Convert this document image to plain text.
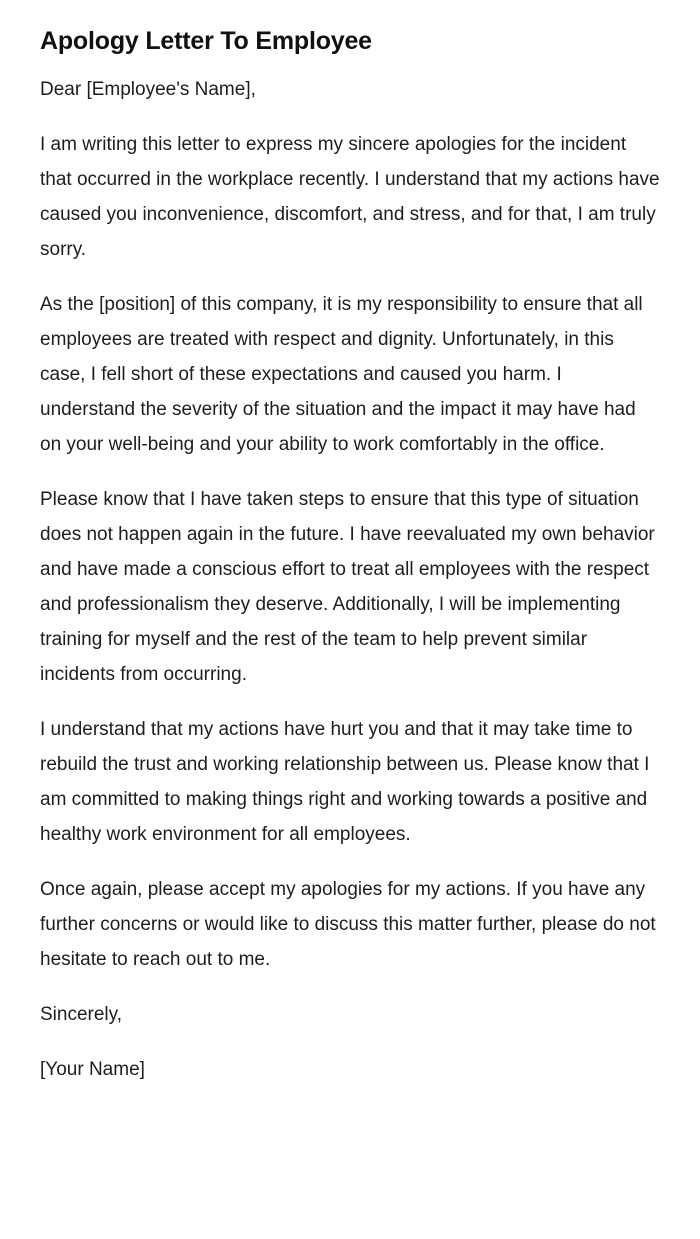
Apology Letter To Employee

Dear [Employee's Name],

I am writing this letter to express my sincere apologies for the incident that occurred in the workplace recently. I understand that my actions have caused you inconvenience, discomfort, and stress, and for that, I am truly sorry.

As the [position] of this company, it is my responsibility to ensure that all employees are treated with respect and dignity. Unfortunately, in this case, I fell short of these expectations and caused you harm. I understand the severity of the situation and the impact it may have had on your well-being and your ability to work comfortably in the office.

Please know that I have taken steps to ensure that this type of situation does not happen again in the future. I have reevaluated my own behavior and have made a conscious effort to treat all employees with the respect and professionalism they deserve. Additionally, I will be implementing training for myself and the rest of the team to help prevent similar incidents from occurring.

I understand that my actions have hurt you and that it may take time to rebuild the trust and working relationship between us. Please know that I am committed to making things right and working towards a positive and healthy work environment for all employees.

Once again, please accept my apologies for my actions. If you have any further concerns or would like to discuss this matter further, please do not hesitate to reach out to me.

Sincerely,

[Your Name]
